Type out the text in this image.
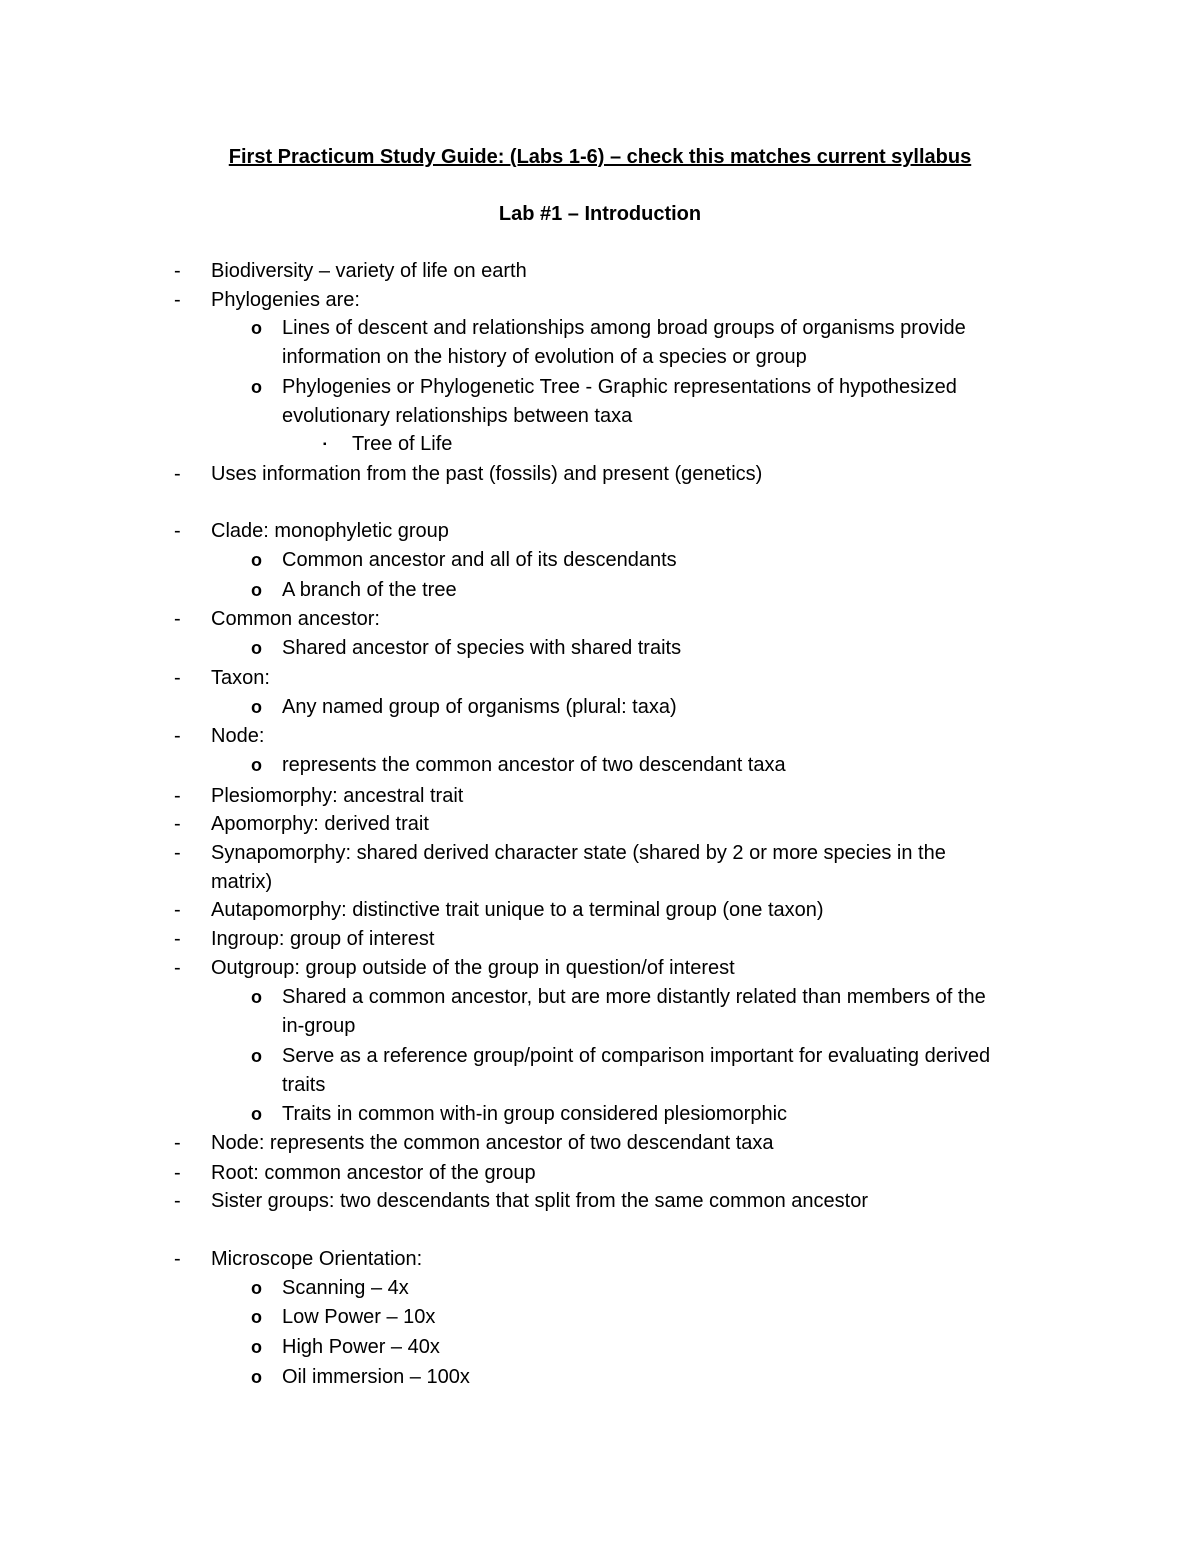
First Practicum Study Guide: (Labs 1-6) – check this matches current syllabus
Lab #1 – Introduction
- Biodiversity – variety of life on earth
- Phylogenies are:
o Lines of descent and relationships among broad groups of organisms provide
information on the history of evolution of a species or group
o Phylogenies or Phylogenetic Tree - Graphic representations of hypothesized
evolutionary relationships between taxa
▪ Tree of Life
- Uses information from the past (fossils) and present (genetics)
- Clade: monophyletic group
o Common ancestor and all of its descendants
o A branch of the tree
- Common ancestor:
o Shared ancestor of species with shared traits
- Taxon:
o Any named group of organisms (plural: taxa)
- Node:
o represents the common ancestor of two descendant taxa
- Plesiomorphy: ancestral trait
- Apomorphy: derived trait
- Synapomorphy: shared derived character state (shared by 2 or more species in the
matrix)
- Autapomorphy: distinctive trait unique to a terminal group (one taxon)
- Ingroup: group of interest
- Outgroup: group outside of the group in question/of interest
o Shared a common ancestor, but are more distantly related than members of the
in-group
o Serve as a reference group/point of comparison important for evaluating derived
traits
o Traits in common with-in group considered plesiomorphic
- Node: represents the common ancestor of two descendant taxa
- Root: common ancestor of the group
- Sister groups: two descendants that split from the same common ancestor
- Microscope Orientation:
o Scanning – 4x
o Low Power – 10x
o High Power – 40x
o Oil immersion – 100x
